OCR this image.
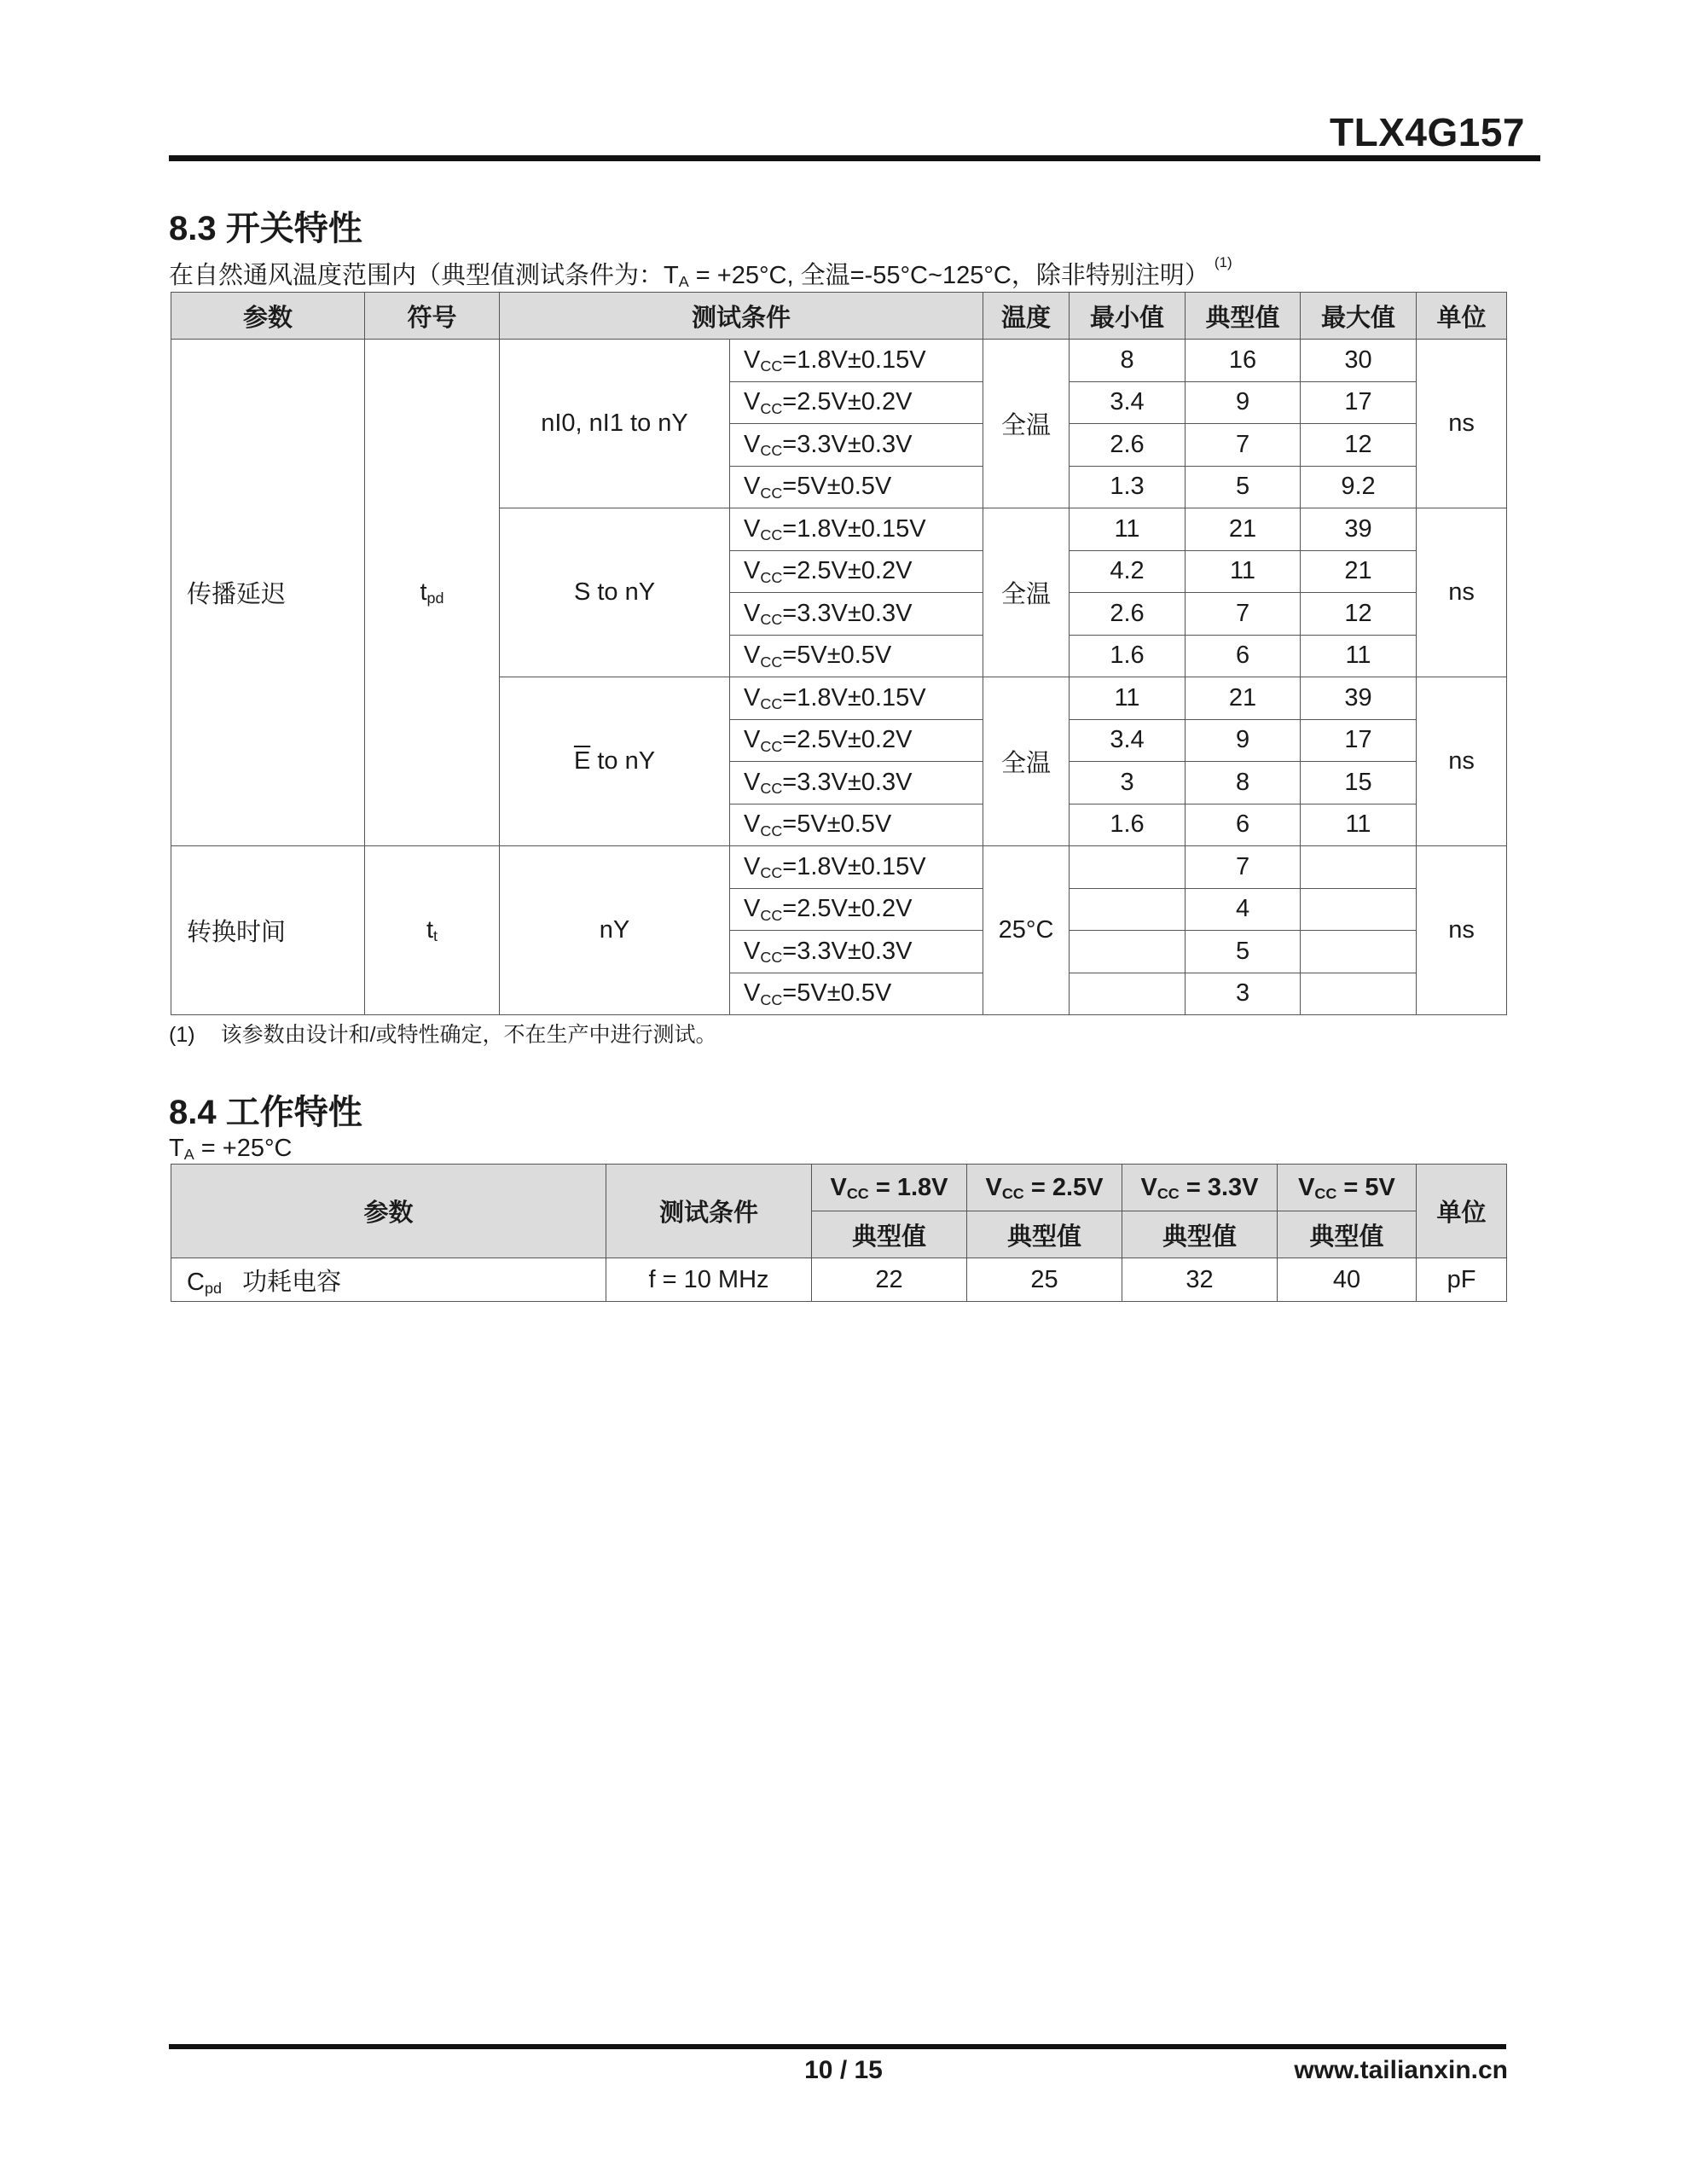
TLX4G157
8.3 开关特性
在自然通风温度范围内（典型值测试条件为：$T_A = +25^\circ C$, 全温=-55°C~125°C，除非特别注明） $^{(1)}$
参数	符号	测试条件		温度	最小值	典型值	最大值	单位
传播延迟	$t_{pd}$	nI0, nI1 to nY	$V_{CC}=1.8V\pm 0.15V$	全温	8	16	30	ns
			$V_{CC}=2.5V\pm 0.2V$		3.4	9	17	
			$V_{CC}=3.3V\pm 0.3V$		2.6	7	12	
			$V_{CC}=5V\pm 0.5V$		1.3	5	9.2	
		S to nY	$V_{CC}=1.8V\pm 0.15V$	全温	11	21	39	ns
			$V_{CC}=2.5V\pm 0.2V$		4.2	11	21	
			$V_{CC}=3.3V\pm 0.3V$		2.6	7	12	
			$V_{CC}=5V\pm 0.5V$		1.6	6	11	
		$\overline{E}$ to nY	$V_{CC}=1.8V\pm 0.15V$	全温	11	21	39	ns
			$V_{CC}=2.5V\pm 0.2V$		3.4	9	17	
			$V_{CC}=3.3V\pm 0.3V$		3	8	15	
			$V_{CC}=5V\pm 0.5V$		1.6	6	11	
转换时间	$t_t$	nY	$V_{CC}=1.8V\pm 0.15V$	25°C		7		ns
			$V_{CC}=2.5V\pm 0.2V$			4		
			$V_{CC}=3.3V\pm 0.3V$			5		
			$V_{CC}=5V\pm 0.5V$			3		
(1) 该参数由设计和/或特性确定，不在生产中进行测试。
8.4 工作特性
$T_A = +25^\circ C$
参数	测试条件	$V_{CC} = 1.8V$	$V_{CC} = 2.5V$	$V_{CC} = 3.3V$	$V_{CC} = 5V$	单位
		典型值	典型值	典型值	典型值	
$C_{pd}$ 功耗电容	f = 10 MHz	22	25	32	40	pF
10 / 15	www.tailianxin.cn
